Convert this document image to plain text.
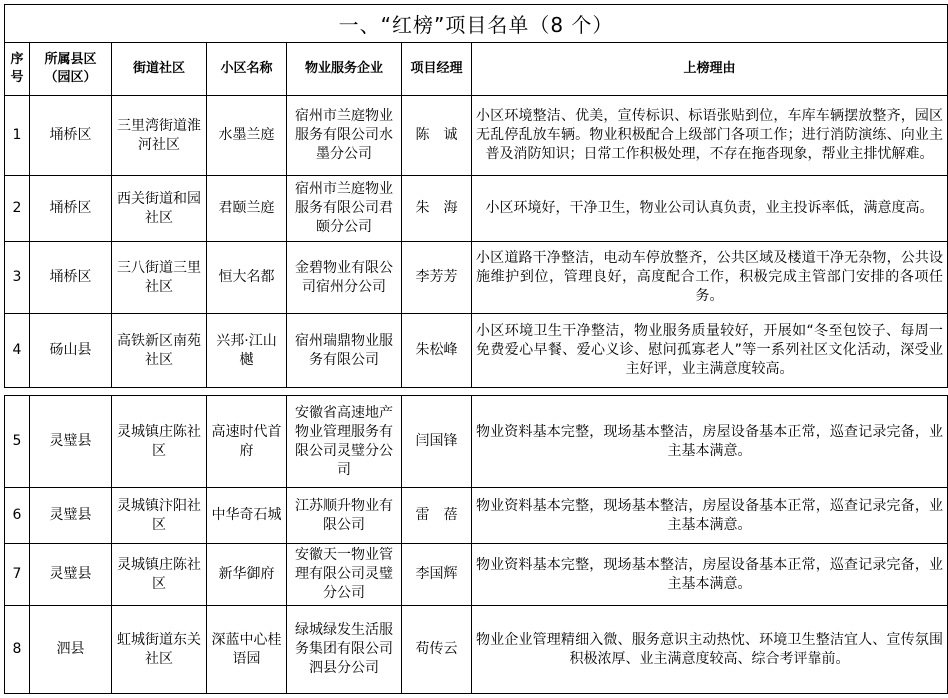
一、“红榜”项目名单（8 个）						
序号	所属县区（园区）	街道社区	小区名称	物业服务企业	项目经理	上榜理由
1	埇桥区	三里湾街道淮河社区	水墨兰庭	宿州市兰庭物业服务有限公司水墨分公司	陈　诚	小区环境整洁、优美，宣传标识、标语张贴到位，车库车辆摆放整齐，园区无乱停乱放车辆。物业积极配合上级部门各项工作；进行消防演练、向业主普及消防知识；日常工作积极处理，不存在拖沓现象，帮业主排忧解难。
2	埇桥区	西关街道和园社区	君颐兰庭	宿州市兰庭物业服务有限公司君颐分公司	朱　海	小区环境好，干净卫生，物业公司认真负责，业主投诉率低，满意度高。
3	埇桥区	三八街道三里社区	恒大名都	金碧物业有限公司宿州分公司	李芳芳	小区道路干净整洁，电动车停放整齐，公共区域及楼道干净无杂物，公共设施维护到位，管理良好，高度配合工作，积极完成主管部门安排的各项任务。
4	砀山县	高铁新区南苑社区	兴邦·江山樾	宿州瑞鼎物业服务有限公司	朱松峰	小区环境卫生干净整洁，物业服务质量较好，开展如“冬至包饺子、每周一免费爱心早餐、爱心义诊、慰问孤寡老人”等一系列社区文化活动，深受业主好评，业主满意度较高。
5	灵璧县	灵城镇庄陈社区	高速时代首府	安徽省高速地产物业管理服务有限公司灵璧分公司	闫国锋	物业资料基本完整，现场基本整洁，房屋设备基本正常，巡查记录完备，业主基本满意。
6	灵璧县	灵城镇汴阳社区	中华奇石城	江苏顺升物业有限公司	雷　蓓	物业资料基本完整，现场基本整洁，房屋设备基本正常，巡查记录完备，业主基本满意。
7	灵璧县	灵城镇庄陈社区	新华御府	安徽天一物业管理有限公司灵璧分公司	李国辉	物业资料基本完整，现场基本整洁，房屋设备基本正常，巡查记录完备，业主基本满意。
8	泗县	虹城街道东关社区	深蓝中心桂语园	绿城绿发生活服务集团有限公司泗县分公司	苟传云	物业企业管理精细入微、服务意识主动热忱、环境卫生整洁宜人、宣传氛围积极浓厚、业主满意度较高、综合考评靠前。
